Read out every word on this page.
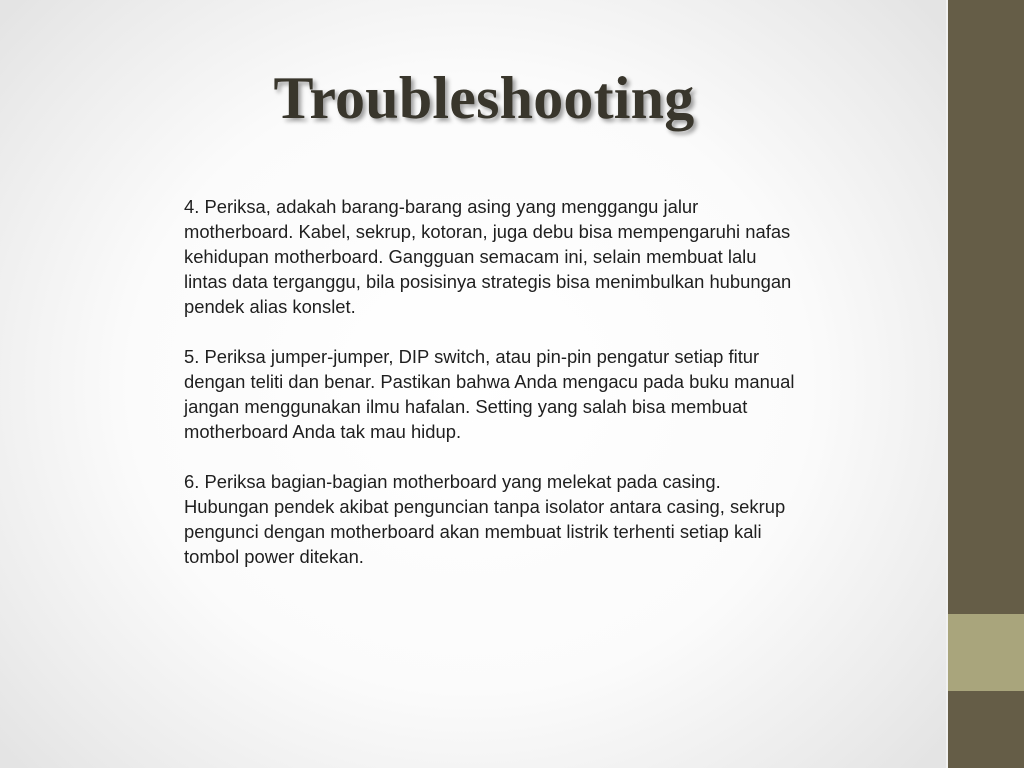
Troubleshooting

4. Periksa, adakah barang-barang asing yang menggangu jalur motherboard. Kabel, sekrup, kotoran, juga debu bisa mempengaruhi nafas kehidupan motherboard. Gangguan semacam ini, selain membuat lalu lintas data terganggu, bila posisinya strategis bisa menimbulkan hubungan pendek alias konslet.

5. Periksa jumper-jumper, DIP switch, atau pin-pin pengatur setiap fitur dengan teliti dan benar. Pastikan bahwa Anda mengacu pada buku manual jangan menggunakan ilmu hafalan. Setting yang salah bisa membuat motherboard Anda tak mau hidup.

6. Periksa bagian-bagian motherboard yang melekat pada casing. Hubungan pendek akibat penguncian tanpa isolator antara casing, sekrup pengunci dengan motherboard akan membuat listrik terhenti setiap kali tombol power ditekan.
